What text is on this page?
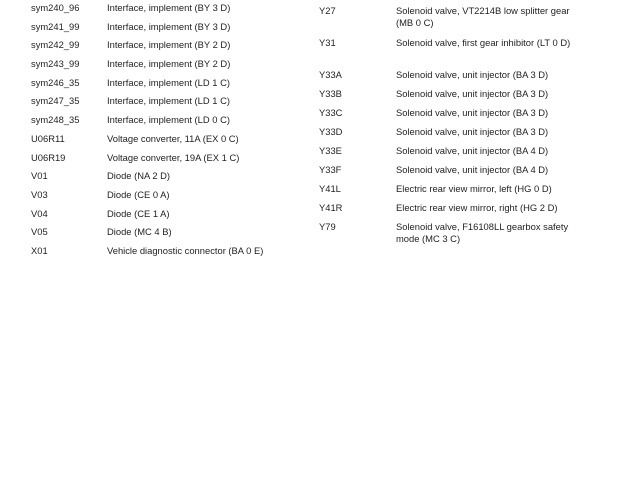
sym240_96	Interface, implement (BY 3 D)
sym241_99	Interface, implement (BY 3 D)
sym242_99	Interface, implement (BY 2 D)
sym243_99	Interface, implement (BY 2 D)
sym246_35	Interface, implement (LD 1 C)
sym247_35	Interface, implement (LD 1 C)
sym248_35	Interface, implement (LD 0 C)
U06R11	Voltage converter, 11A (EX 0 C)
U06R19	Voltage converter, 19A (EX 1 C)
V01	Diode (NA 2 D)
V03	Diode (CE 0 A)
V04	Diode (CE 1 A)
V05	Diode (MC 4 B)
X01	Vehicle diagnostic connector (BA 0 E)
Y27	Solenoid valve, VT2214B low splitter gear (MB 0 C)
Y31	Solenoid valve, first gear inhibitor (LT 0 D)
Y33A	Solenoid valve, unit injector (BA 3 D)
Y33B	Solenoid valve, unit injector (BA 3 D)
Y33C	Solenoid valve, unit injector (BA 3 D)
Y33D	Solenoid valve, unit injector (BA 3 D)
Y33E	Solenoid valve, unit injector (BA 4 D)
Y33F	Solenoid valve, unit injector (BA 4 D)
Y41L	Electric rear view mirror, left (HG 0 D)
Y41R	Electric rear view mirror, right (HG 2 D)
Y79	Solenoid valve, F16108LL gearbox safety mode (MC 3 C)
